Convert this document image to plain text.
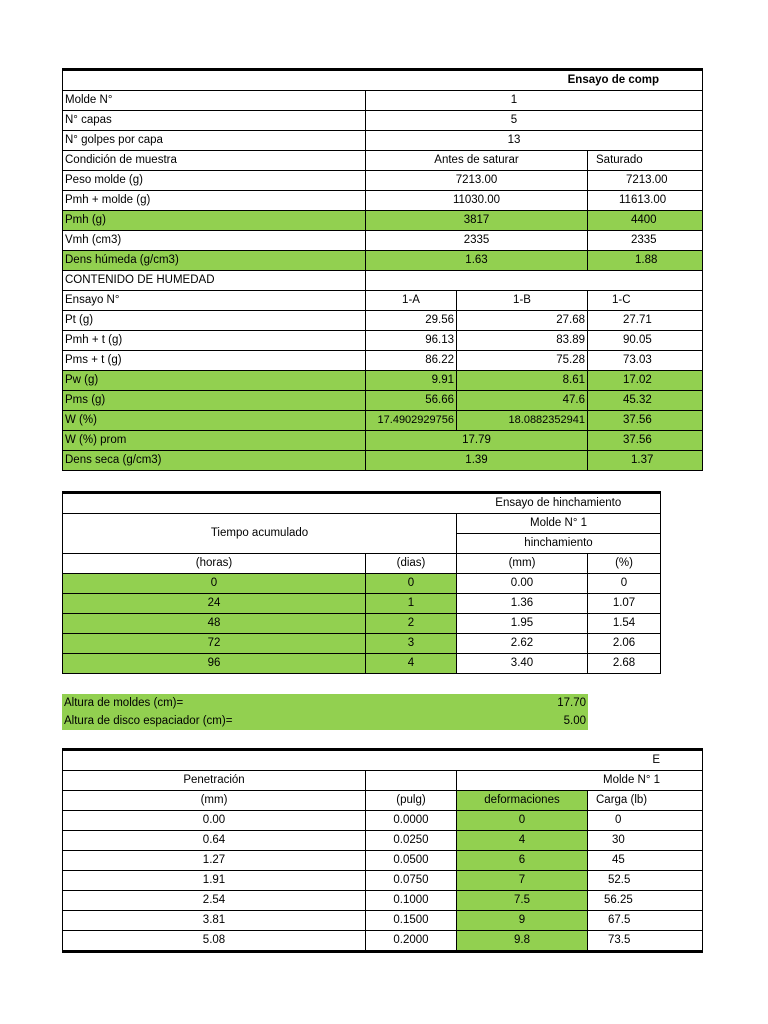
Ensayo de comp			
Molde N°	1		
N° capas	5		
N° golpes por capa	13		
Condición de muestra	Antes de saturar		Saturado
Peso molde (g)	7213.00		7213.00
Pmh + molde (g)	11030.00		11613.00
Pmh (g)	3817		4400
Vmh (cm3)	2335		2335
Dens húmeda (g/cm3)	1.63		1.88
CONTENIDO DE HUMEDAD			
Ensayo N°	1-A	1-B	1-C
Pt (g)	29.56	27.68	27.71
Pmh + t (g)	96.13	83.89	90.05
Pms + t (g)	86.22	75.28	73.03
Pw (g)	9.91	8.61	17.02
Pms (g)	56.66	47.6	45.32
W (%)	17.4902929756	18.0882352941	37.56
W (%) prom	17.79		37.56
Dens seca (g/cm3)	1.39		1.37
		Ensayo de hinchamiento	
Tiempo acumulado		Molde N° 1	
		hinchamiento	
(horas)	(dias)	(mm)	(%)
0	0	0.00	0
24	1	1.36	1.07
48	2	1.95	1.54
72	3	2.62	2.06
96	4	3.40	2.68
Altura de moldes (cm)=	17.70
Altura de disco espaciador (cm)=	5.00
E			
Penetración		Molde N° 1	
(mm)	(pulg)	deformaciones	Carga (lb)
0.00	0.0000	0	0
0.64	0.0250	4	30
1.27	0.0500	6	45
1.91	0.0750	7	52.5
2.54	0.1000	7.5	56.25
3.81	0.1500	9	67.5
5.08	0.2000	9.8	73.5
